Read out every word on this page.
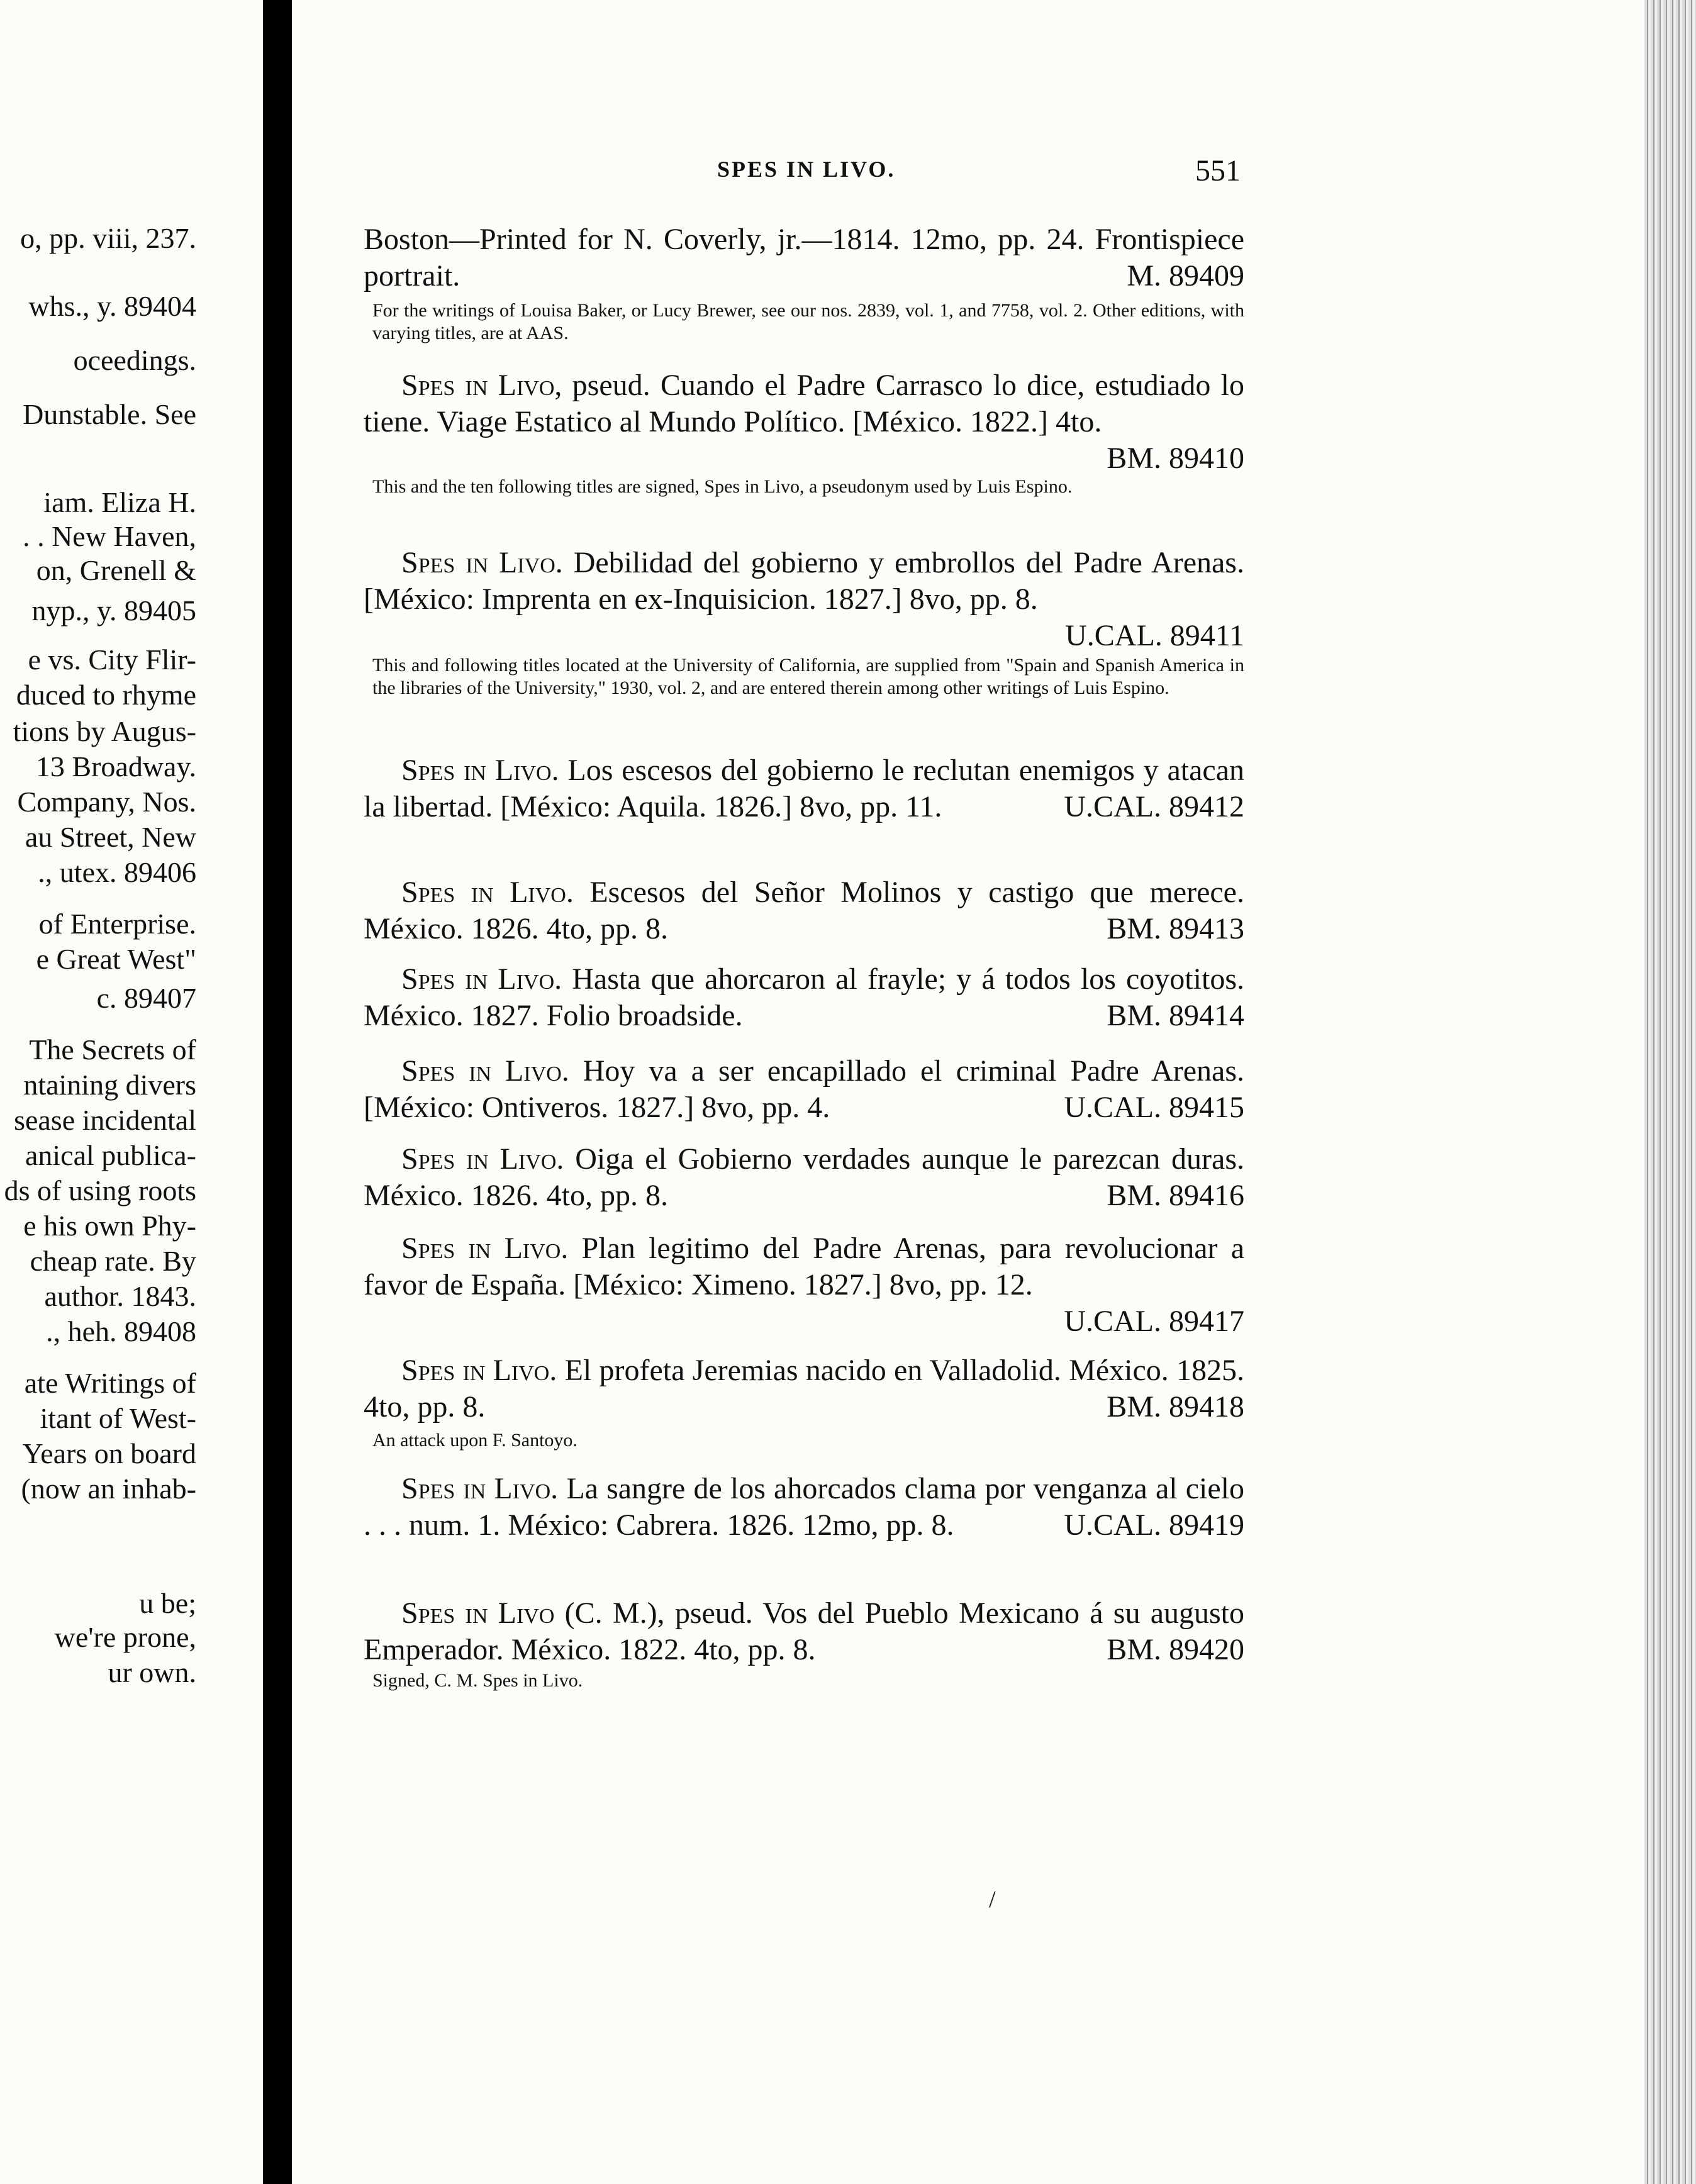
o, pp. viii, 237.
whs., y. 89404
oceedings.
Dunstable. See
iam. Eliza H.
. . New Haven,
on, Grenell &
nyp., y. 89405
e vs. City Flir-
duced to rhyme
tions by Augus-
13 Broadway.
Company, Nos.
au Street, New
., utex. 89406
of Enterprise.
e Great West"
c. 89407
The Secrets of
ntaining divers
sease incidental
anical publica-
ds of using roots
e his own Phy-
cheap rate. By
author. 1843.
., heh. 89408
ate Writings of
itant of West-
Years on board
(now an inhab-
u be;
we're prone,
ur own.
SPES IN LIVO.	551
Boston—Printed for N. Coverly, jr.—1814. 12mo, pp. 24. Frontispiece portrait.	M. 89409
For the writings of Louisa Baker, or Lucy Brewer, see our nos. 2839, vol. 1, and 7758, vol. 2. Other editions, with varying titles, are at AAS.
Spes in Livo, pseud. Cuando el Padre Carrasco lo dice, estudiado lo tiene. Viage Estatico al Mundo Político. [México. 1822.] 4to.
BM. 89410
This and the ten following titles are signed, Spes in Livo, a pseudonym used by Luis Espino.
Spes in Livo. Debilidad del gobierno y embrollos del Padre Arenas. [México: Imprenta en ex-Inquisicion. 1827.] 8vo, pp. 8.
U.CAL. 89411
This and following titles located at the University of California, are supplied from "Spain and Spanish America in the libraries of the University," 1930, vol. 2, and are entered therein among other writings of Luis Espino.
Spes in Livo. Los escesos del gobierno le reclutan enemigos y atacan la libertad. [México: Aquila. 1826.] 8vo, pp. 11.	U.CAL. 89412
Spes in Livo. Escesos del Señor Molinos y castigo que merece. México. 1826. 4to, pp. 8.	BM. 89413
Spes in Livo. Hasta que ahorcaron al frayle; y á todos los coyotitos. México. 1827. Folio broadside.	BM. 89414
Spes in Livo. Hoy va a ser encapillado el criminal Padre Arenas. [México: Ontiveros. 1827.] 8vo, pp. 4.	U.CAL. 89415
Spes in Livo. Oiga el Gobierno verdades aunque le parezcan duras. México. 1826. 4to, pp. 8.	BM. 89416
Spes in Livo. Plan legitimo del Padre Arenas, para revolucionar a favor de España. [México: Ximeno. 1827.] 8vo, pp. 12.
U.CAL. 89417
Spes in Livo. El profeta Jeremias nacido en Valladolid. México. 1825. 4to, pp. 8.	BM. 89418
An attack upon F. Santoyo.
Spes in Livo. La sangre de los ahorcados clama por venganza al cielo . . . num. 1. México: Cabrera. 1826. 12mo, pp. 8.	U.CAL. 89419
Spes in Livo (C. M.), pseud. Vos del Pueblo Mexicano á su augusto Emperador. México. 1822. 4to, pp. 8.	BM. 89420
Signed, C. M. Spes in Livo.
/
